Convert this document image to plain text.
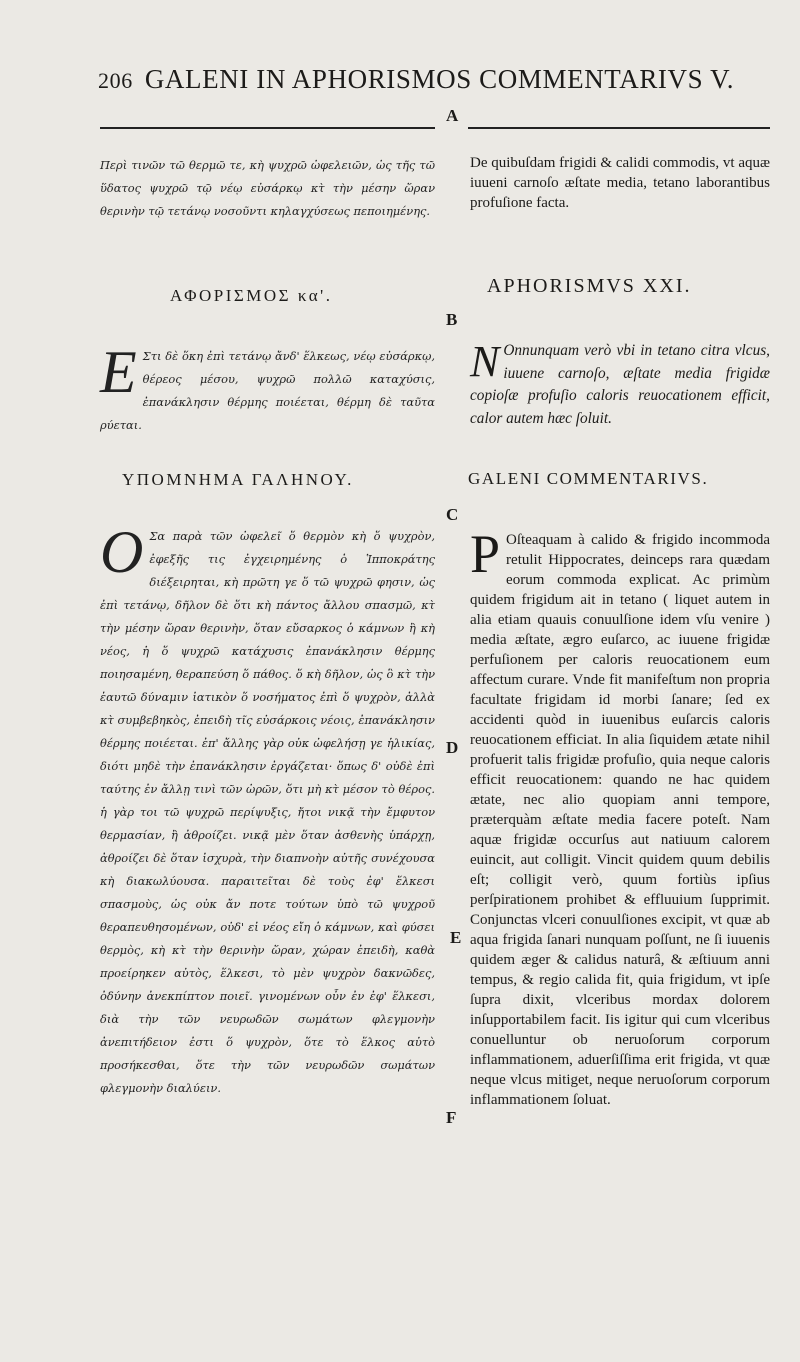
206 GALENI IN APHORISMOS COMMENTARIVS V.
A
B
C
D
E
F
Περὶ τινῶν τῶ θερμῶ τε, κὴ ψυχρῶ ὠφελειῶν, ὡς τῆς τῶ ὕδατος ψυχρῶ τῷ νέῳ εὐσάρκῳ κτ̀ τὴν μέσην ὥραν θερινὴν τῷ τετάνῳ νοσοῦντι κηλαγχύσεως πεποιημένης.
De quibuſdam frigidi & calidi commodis, vt aquæ iuueni carnoſo æſtate media, tetano laborantibus profuſione facta.
ΑΦΟΡΙΣΜΟΣ κα'.	APHORISMVS XXI.
Ε Στι δὲ ὅκη ἐπὶ τετάνῳ ἄνδ' ἕλκεως, νέῳ εὐσάρκῳ, θέρεος μέσου, ψυχρῶ πολλῶ καταχύσις, ἐπανάκλησιν θέρμης ποιέεται, θέρμη δὲ ταῦτα ρύεται.
N Onnunquam verò vbi in tetano citra vlcus, iuuene carnoſo, æſtate media frigidæ copioſæ profuſio caloris reuocationem efficit, calor autem hæc ſoluit.
ΥΠΟΜΝΗΜΑ ΓΑΛΗΝΟΥ.	GALENI COMMENTARIVS.
Ο Σα παρὰ τῶν ὠφελεῖ ὅ θερμὸν κὴ ὅ ψυχρὸν, ἐφεξῆς τις ἐγχειρημένης ὁ Ἱπποκράτης διέξειρηται, κὴ πρῶτη γε ὅ τῶ ψυχρῶ φησιν, ὡς ἐπὶ τετάνῳ, δῆλον δὲ ὅτι κὴ πάντος ἄλλου σπασμῶ, κτ̀ τὴν μέσην ὥραν θερινὴν, ὅταν εὔσαρκος ὁ κάμνων ἢ κὴ νέος, ἡ ὅ ψυχρῶ κατάχυσις ἐπανάκλησιν θέρμης ποιησαμένη, θεραπεύση ὅ πάθος. ὅ κὴ δῆλον, ὡς ὃ κτ̀ τὴν ἑαυτῶ δύναμιν ἰατικὸν ὅ νοσήματος ἐπὶ ὅ ψυχρὸν, ἀλλὰ κτ̀ συμβεβηκὸς, ἐπειδὴ τῖς εὐσάρκοις νέοις, ἐπανάκλησιν θέρμης ποιέεται. ἐπ' ἄλλης γὰρ οὐκ ὠφελήσῃ γε ἡλικίας, διότι μηδὲ τὴν ἐπανάκλησιν ἐργάζεται· ὅπως δ' οὐδὲ ἐπὶ ταύτης ἐν ἄλλῃ τινὶ τῶν ὡρῶν, ὅτι μὴ κτ̀ μέσον τὸ θέρος. ἡ γὰρ τοι τῶ ψυχρῶ περίψυξις, ἤτοι νικᾷ τὴν ἔμφυτον θερμασίαν, ἢ ἀθροίζει. νικᾷ μὲν ὅταν ἀσθενὴς ὑπάρχῃ, ἀθροίζει δὲ ὅταν ἰσχυρὰ, τὴν διαπνοὴν αὐτῆς συνέχουσα κὴ διακωλύουσα. παραιτεῖται δὲ τοὺς ἐφ' ἕλκεσι σπασμοὺς, ὡς οὐκ ἄν ποτε τούτων ὑπὸ τῶ ψυχροῦ θεραπευθησομένων, οὐδ' εἰ νέος εἴη ὁ κάμνων, καὶ φύσει θερμὸς, κὴ κτ̀ τὴν θερινὴν ὥραν, χώραν ἐπειδὴ, καθὰ προείρηκεν αὐτὸς, ἕλκεσι, τὸ μὲν ψυχρὸν δακνῶδες, ὀδύνην ἀνεκπίπτον ποιεῖ. γινομένων οὖν ἐν ἐφ' ἕλκεσι, διὰ τὴν τῶν νευρωδῶν σωμάτων φλεγμονὴν ἀνεπιτήδειον ἐστι ὅ ψυχρὸν, ὅτε τὸ ἕλκος αὐτὸ προσήκεσθαι, ὅτε τὴν τῶν νευρωδῶν σωμάτων φλεγμονὴν διαλύειν.
P Oſteaquam à calido & frigido incommoda retulit Hippocrates, deinceps rara quædam eorum commoda explicat. Ac primùm quidem frigidum ait in tetano ( liquet autem in alia etiam quauis conuulſione idem vſu venire ) media æſtate, ægro euſarco, ac iuuene frigidæ perfuſionem per caloris reuocationem eum affectum curare. Vnde fit manifeſtum non propria facultate frigidam id morbi ſanare; ſed ex accidenti quòd in iuuenibus euſarcis caloris reuocationem efficiat. In alia ſiquidem ætate nihil profuerit talis frigidæ profuſio, quia neque caloris efficit reuocationem: quando ne hac quidem ætate, nec alio quopiam anni tempore, præterquàm æſtate media facere poteſt. Nam aquæ frigidæ occurſus aut natiuum calorem euincit, aut colligit. Vincit quidem quum debilis eſt; colligit verò, quum fortiùs ipſius perſpirationem prohibet & effluuium ſupprimit. Conjunctas vlceri conuulſiones excipit, vt quæ ab aqua frigida ſanari nunquam poſſunt, ne ſi iuuenis quidem æger & calidus naturâ, & æſtiuum anni tempus, & regio calida fit, quia frigidum, vt ipſe ſupra dixit, vlceribus mordax dolorem inſupportabilem facit. Iis igitur qui cum vlceribus conuelluntur ob neruoſorum corporum inflammationem, aduerſiſſima erit frigida, vt quæ neque vlcus mitiget, neque neruoſorum corporum inflammationem ſoluat.
